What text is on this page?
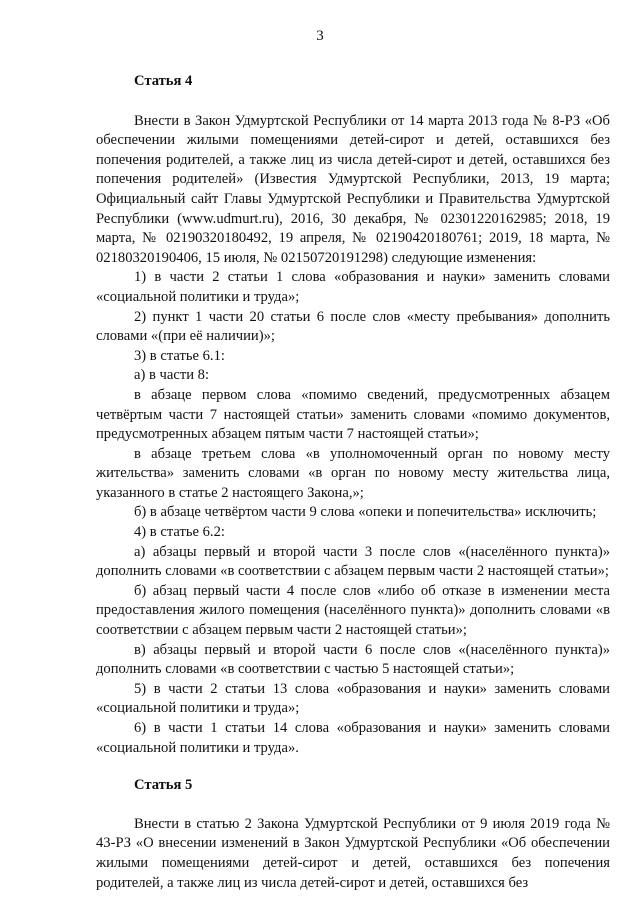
3
Статья 4

Внести в Закон Удмуртской Республики от 14 марта 2013 года № 8-РЗ «Об обеспечении жилыми помещениями детей-сирот и детей, оставшихся без попечения родителей, а также лиц из числа детей-сирот и детей, оставшихся без попечения родителей» (Известия Удмуртской Республики, 2013, 19 марта; Официальный сайт Главы Удмуртской Республики и Правительства Удмуртской Республики (www.udmurt.ru), 2016, 30 декабря, № 02301220162985; 2018, 19 марта, № 02190320180492, 19 апреля, № 02190420180761; 2019, 18 марта, № 02180320190406, 15 июля, № 02150720191298) следующие изменения:

1) в части 2 статьи 1 слова «образования и науки» заменить словами «социальной политики и труда»;

2) пункт 1 части 20 статьи 6 после слов «месту пребывания» дополнить словами «(при её наличии)»;

3) в статье 6.1:

а) в части 8:

в абзаце первом слова «помимо сведений, предусмотренных абзацем четвёртым части 7 настоящей статьи» заменить словами «помимо документов, предусмотренных абзацем пятым части 7 настоящей статьи»;

в абзаце третьем слова «в уполномоченный орган по новому месту жительства» заменить словами «в орган по новому месту жительства лица, указанного в статье 2 настоящего Закона,»;

б) в абзаце четвёртом части 9 слова «опеки и попечительства» исключить;

4) в статье 6.2:

а) абзацы первый и второй части 3 после слов «(населённого пункта)» дополнить словами «в соответствии с абзацем первым части 2 настоящей статьи»;

б) абзац первый части 4 после слов «либо об отказе в изменении места предоставления жилого помещения (населённого пункта)» дополнить словами «в соответствии с абзацем первым части 2 настоящей статьи»;

в) абзацы первый и второй части 6 после слов «(населённого пункта)» дополнить словами «в соответствии с частью 5 настоящей статьи»;

5) в части 2 статьи 13 слова «образования и науки» заменить словами «социальной политики и труда»;

6) в части 1 статьи 14 слова «образования и науки» заменить словами «социальной политики и труда».

Статья 5

Внести в статью 2 Закона Удмуртской Республики от 9 июля 2019 года № 43-РЗ «О внесении изменений в Закон Удмуртской Республики «Об обеспечении жилыми помещениями детей-сирот и детей, оставшихся без попечения родителей, а также лиц из числа детей-сирот и детей, оставшихся без
